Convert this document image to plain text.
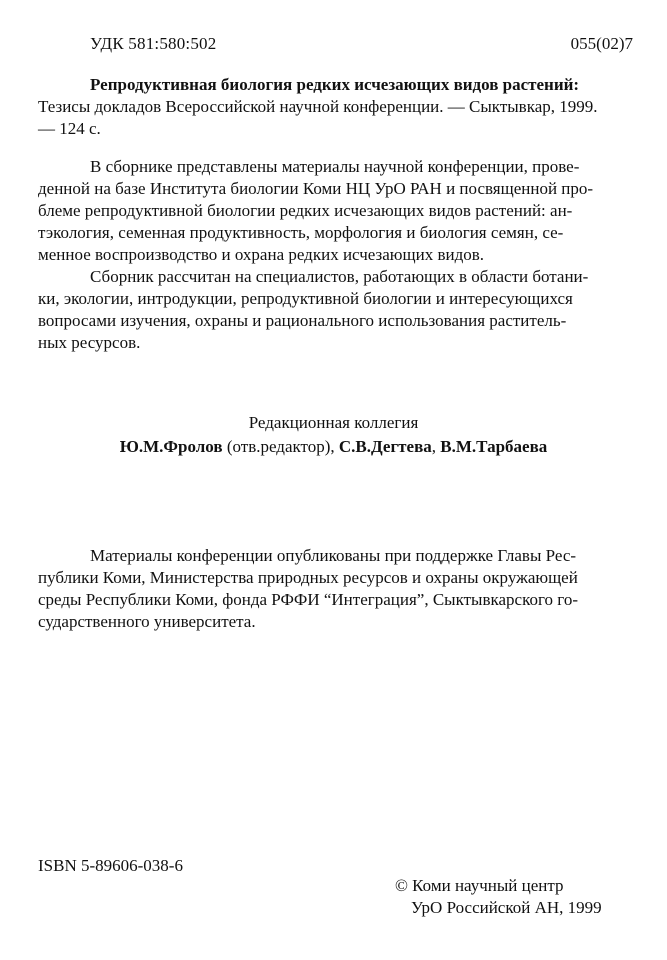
УДК 581:580:502	055(02)7
Репродуктивная биология редких исчезающих видов растений:
Тезисы докладов Всероссийской научной конференции. — Сыктывкар, 1999.
— 124 с.
В сборнике представлены материалы научной конференции, прове-
денной на базе Института биологии Коми НЦ УрО РАН и посвященной про-
блеме репродуктивной биологии редких исчезающих видов растений: ан-
тэкология, семенная продуктивность, морфология и биология семян, се-
менное воспроизводство и охрана редких исчезающих видов.
Сборник рассчитан на специалистов, работающих в области ботани-
ки, экологии, интродукции, репродуктивной биологии и интересующихся
вопросами изучения, охраны и рационального использования раститель-
ных ресурсов.
Редакционная коллегия
Ю.М.Фролов (отв.редактор), С.В.Дегтева, В.М.Тарбаева
Материалы конференции опубликованы при поддержке Главы Рес-
публики Коми, Министерства природных ресурсов и охраны окружающей
среды Республики Коми, фонда РФФИ “Интеграция”, Сыктывкарского го-
сударственного университета.
ISBN 5-89606-038-6
© Коми научный центр
УрО Российской АН, 1999
